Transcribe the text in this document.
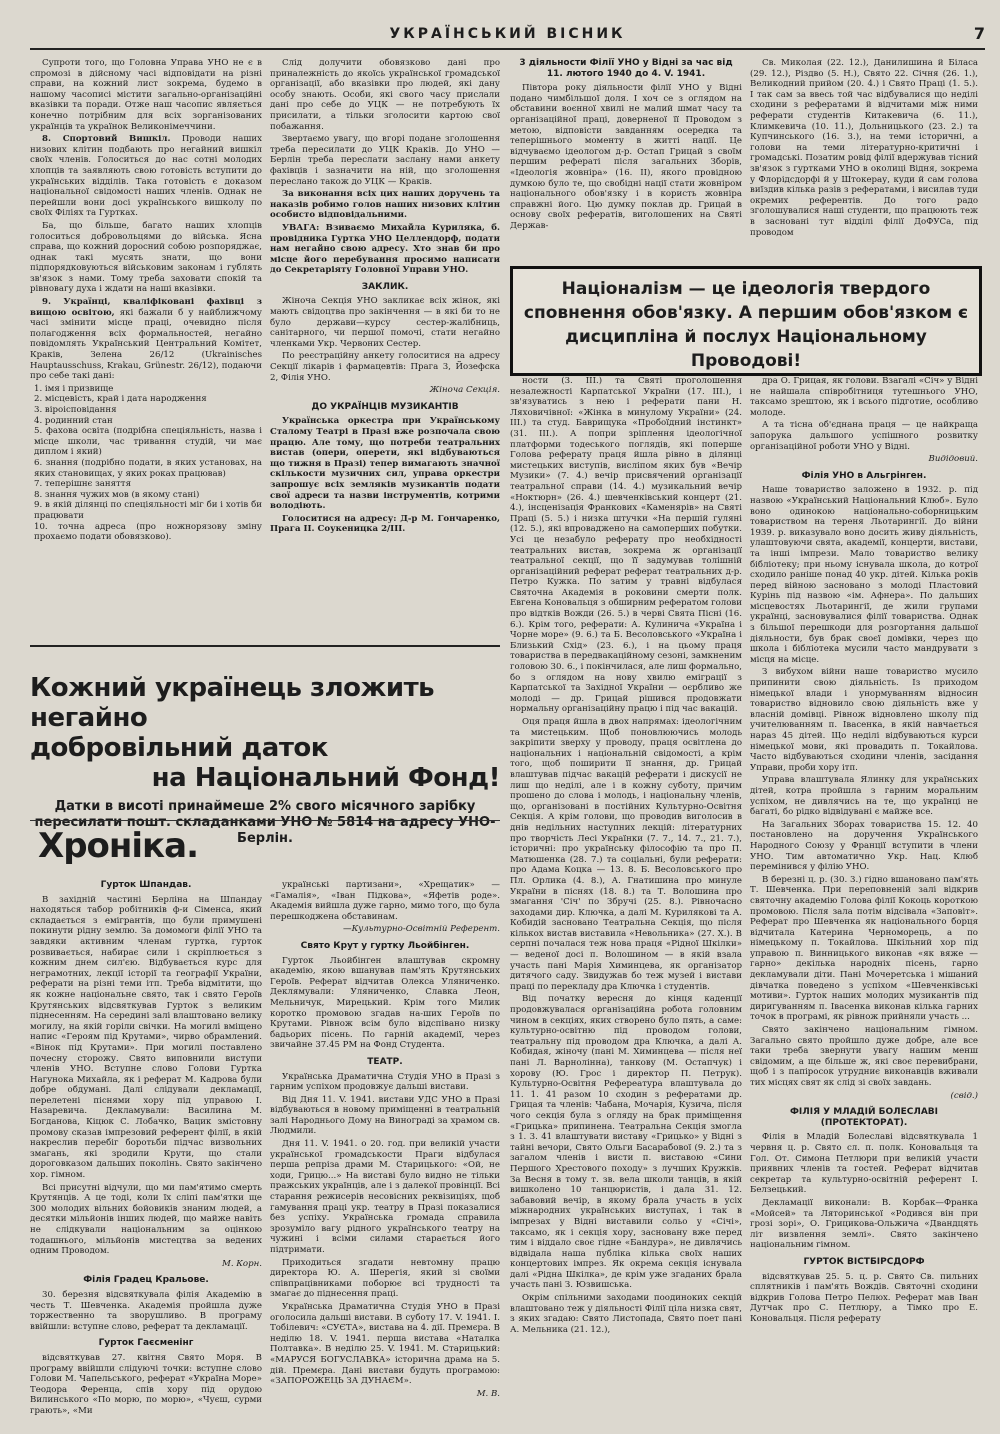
УКРАЇНСЬКИЙ ВІСНИК	7

Супроти того, що Головна Управа УНО не є в спромозі в дійсному часі відповідати на різні справи, на кожний лист зокрема, будемо в нашому часописі містити загально-організаційні вказівки та поради. Отже наш часопис являється конечно потрібним для всіх зорганізованих українців та українок Великонімеччини.

8. Спортовий Вишкіл. Проводи наших низових клітин подбають про негайний вишкіл своїх членів. Голоситься до нас сотні молодих хлопців та заявляють свою готовість вступити до українських відділів. Така готовість є доказом національної свідомості наших членів. Однак не перейшли вони досі українського вишколу по своїх Філіях та Гуртках.

Ба, що більше, багато наших хлопців голоситься добровольцями до війська. Ясна справа, що кожний доросний собою розпоряджає, однак такі мусять знати, що вони підпорядковуються військовим законам і гублять зв'язок з нами. Тому треба заховати спокій та рівновагу духа і ждати на наші вказівки.

9. Українці, кваліфіковані фахівці з вищою освітою, які бажали б у найближчому часі змінити місце праці, очевидно після полагодження всіх формальностей, негайно повідомлять Український Центральний Комітет, Краків, Зелена 26/12 (Ukrainisches Hauptausschuss, Krakau, Grünestr. 26/12), подаючи про себе такі дані:

1. імя і призвище
2. місцевість, край і дата народження
3. віроісповідання
4. родинний стан
5. фахова освіта (подрібна спеціяльність, назва і місце школи, час тривання студій, чи має диплом і який)
6. знання (подрібно подати, в яких установах, на яких становищах, у яких роках працював)
7. теперішнє заняття
8. знання чужих мов (в якому стані)
9. в якій ділянці по спеціяльності міг би і хотів би працювати
10. точна адреса (про ножнорязову зміну прохаємо подати обовязково).

Слід долучити обовязково дані про приналежність до якоїсь української громадської організації, або вказівки про людей, які дану особу знають. Особи, які свого часу прислали дані про себе до УЦК — не потребують їх присилати, а тільки зголосити картою свої побажання.

Звертаємо увагу, що вгорі подане зголошення треба пересилати до УЦК Краків. До УНО — Берлін треба переслати заслану нами анкету фахівців і зазначити на ній, що зголошення переслано також до УЦК — Краків.

За виконання всіх цих наших доручень та наказів робимо голов наших низових клітин особисто відповідальними.

УВАГА: Взиваємо Михайла Куриляка, б. провідника Гуртка УНО Целлендорф, подати нам негайно свою адресу. Хто знав би про місце його перебування просимо написати до Секретаріяту Головної Управи УНО.

ЗАКЛИК.

Жіноча Секція УНО закликає всіх жінок, які мають свідоцтва про закінчення — в які би то не було держави—курсу сестер-жалібниць, санітарного, чи першої помочі, стати негайно членками Укр. Червоних Сестер.

По реєстраційну анкету голоситися на адресу Секції лікарів і фармацевтів: Прага 3, Йозефска 2, Філія УНО.

Жіноча Секція.
ДО УКРАЇНЦІВ МУЗИКАНТІВ

Українська оркестра при Українському Сталому Театрі в Празі вже розпочала свою працю. Але тому, що потреби театральних вистав (опери, оперети, які відбуваються що тижня в Празі) тепер вимагають значної скількости музичних сил, управа оркестри запрошує всіх земляків музикантів подати свої адреси та назви інструментів, котрими володіють.

Голоситися на адресу: Д-р М. Гончаренко, Прага II. Соукеницка 2/III.

3 діяльности Філії УНО у Відні за час від 11. лютого 1940 до 4. V. 1941.

Півтора року діяльности філії УНО у Відні подано чимбільшої доля. І хоч се з оглядом на обставини воєнної хвилі не малий шмат часу та організаційної праці, доверненої її Проводом з метою, відповісти завданням осередка та теперішнього моменту в житті нації. Це відчуваємо ідеологом д-р. Остап Грицай з своїм першим рефераті після загальних Зборів, «Ідеологія жовніра» (16. II), якого провідною думкою було те, що свобідні нації стати жовніром національного обов'язку і в користь жовніра справжні його. Цю думку поклав др. Грицай в основу своїх рефератів, виголошених на Святі Держав-

Св. Миколая (22. 12.), Данилишина й Біласа (29. 12.), Різдво (5. Н.), Свято 22. Січня (26. 1.), Великодний прийом (20. 4.) і Свято Праці (1. 5.). І так сам за ввесь той час відбувалися що неділі сходини з рефератами й відчитами між ними реферати студентів Китакевича (6. 11.), Климкевича (10. 11.), Дольницького (23. 2.) та Купчинського (16. 3.), на теми історичні, а голови на теми літературно-критичні і громадські. Позатим ровід філії вдержував тісний зв'язок з гуртками УНО в околиці Відня, зокрема у Флорідсдорфі й у Штокерау, куди й сам голова виїздив кілька разів з рефератами, і висилав туди окремих референтів. До того радо зголошувалися наші студенти, що працюють теж в засновані тут відділі філії ДоФУСа, під проводом

Націоналізм — це ідеологія твердого сповнення обов'язку. А першим обов'язком є дисципліна й послух Національному Проводові!

ности (3. III.) та Святі проголошення незалежності Карпатської України (17. III.), і зв'язуватись з нею і реферати пани Н. Ляховичівної: «Жінка в минулому України» (24. III.) та студ. Баврищука «Пробоїдний інстинкт» (31. III.). А попри зріплення ідеологічної платформи тодеського поглядів, які поперше Голова реферату праця йшла рівно в ділянці мистецьких виступів, висліпом яких був «Вечір Музики» (7. 4.) вечір присвячений організації театральної справи (14. 4.) музикальний вечір «Ноктюрн» (26. 4.) шевченківський концерт (21. 4.), інсценізація Франкових «Каменярів» на Святі Праці (5. 5.) і низка штучки «На першій гуляні (12. 5.), які впроваджено на самоперших побутки. Усі це незабуло реферату про необхідності театральних вистав, зокрема ж організації театральної секції, що її задумував толішній організаційний реферат реферат театральних д-р. Петро Кужка. По затим у травні відбулася Святочна Академія в роковини смерти полк. Евгена Коновальця з обширним рефератом голови про відтків Вожди (26. 5.) в черві Свята Пісні (16. 6.). Крім того, реферати: А. Кулинича «Україна і Чорне море» (9. 6.) та Б. Весоловського «Україна і Близький Схід» (23. 6.), і на цьому праця товариства в передвакаційному сезоні, замкненим головою 30. 6., і покінчилася, але лиш формально, бо з оглядом на нову хвилю еміграції з Карпатської та Західної України — оєрбливо же молоді — др. Грицай рішився продовжати нормальну організаційну працю і під час вакацій.

Оця праця йшла в двох напрямах: ідеологічним та мистецьким. Щоб поновлюючись молодь закріпити зверху у проводу, праця освітлена до національних і національній свідомості, а крім того, щоб поширити її знання, др. Грицай влаштував підчас вакацій реферати і дискусії не лиш що неділі, але і в кожну суботу, причим прошено до слова і молодь, і національну членів, що, організовані в постійних Культурно-Освітня Секція. А крім голови, що проводив виголосив в днів недільних наступних лекцій: літературних про творчість Лесі Українки (7. 7., 14. 7., 21. 7.), історичні: про українську філософію та про П. Матюшенка (28. 7.) та соціальні, були реферати: про Адама Коцка — 13. 8. Б. Весоловського про Пл. Орлика (4. 8.), А. Гнатишина про минуле України в піснях (18. 8.) та Т. Волошина про змагання 'Січ' по Збручі (25. 8.). Рівночасно заходами дир. Ключка, а далі М. Курилякові та А. Кобидій засновано Театральна Секція, що після кількох вистав виставила «Невольника» (27. X.). В серпні почалася теж нова праця «Рідної Шкілки» — веденої досі п. Волошином — в якій взала участь пані Марія Химинцева, як організатор дитячого саду. Звидужав бо теж музей і вистави праці по перекладу дра Ключка і студентів.

Від початку вересня до кінця каденції продовжувалася організаційна робота головним чином в секціях, яких створено було пять, а саме: культурно-освітню під проводом голови, театральну під проводом дра Ключка, а далі А. Кобидая, жіночу (пані М. Химинцева — після неї пані Л. Варнолінна), танкову (М. Остапчук) і хорову (Ю. Грос і директор П. Петрук). Культурно-Освітня Рефереатура влаштувала до 11. 1. 41 разом 10 сходин з рефератами др. Грицая та членів: Чабана, Мочарія, Кузича, після чого секція була з огляду на брак приміщення «Грицька» припинена. Театральна Секція змогла з 1. 3. 41 влаштувати виставу «Грицько» у Відні з тайні вечори, Свято Ольги Басарабової (9. 2.) та з загалом членів і висти п. виставою «Сини Першого Хрестового походу» з лучших Кружків. За Весня в тому т. зв. вела школи танців, в якій вишколено 10 танцюристів, і дала 31. 12. забавовий вечір, в якому брала участь в усіх міжнародних українських виступах, і так в імпрезах у Відні виставили сольо у «Січі», таксамо, як і секція хору, засновану вже перед тим і віддало своє гідне «Бандура», не дивлячись відвідала наша публіка кілька своїх наших концертових імпрез. Як окрема секція існувала далі «Рідна Шкілка», де крім уже згаданих брала участь пані З. Юзвишська.

Окрім спільними заходами поодиноких секцій влаштовано теж у діяльності Філії ціла низка свят, з яких згадаю: Свято Листопада, Свято поет пані А. Мельника (21. 12.),

дра О. Грицая, як голови. Взагалі «Січ» у Відні не найшала співробітниця тутешнього УНО, таксамо зрештою, як і всього підготие, особливо молоде.

А та тісна об'єднана праця — це найкраща запорука дальшого успішного розвитку організаційної роботи УНО у Відні.

Видідовий.
Філія УНО в Альгрінген.

Наше товариство заложено в 1932. р. під назвою «Український Національний Клюб». Було воно одинокою національно-соборницьким товариством на тереня Льотарингії. До війни 1939. р. виказувало воно досить живу діяльність, улаштовуючи свята, академії, концерти, вистави, та інші імпрези. Мало товариство велику бібліотеку; при ньому існувала школа, до котрої сходило раніше понад 40 укр. дітей. Кількa років перед війною засновано з молоді Пластовий Курінь під назвою «ім. Афнера». По дальших місцевостях Льотарингії, де жили групами українці, засновувалися філії товариства. Однак з більшої перешкоди для розгортання дальшої діяльности, був брак своєї домівки, через що школа і бібліотека мусили часто мандрувати з місця на місце.

З вибухом війни наше товариство мусило припинити свою діяльність. Із приходом німецької влади і унормуванням відносин товариство відновило свою діяльність вже у власній домівці. Рівнож відновлено школу під учителюванням п. Івасенка, в якій навчається нараз 45 дітей. Що неділі відбуваються курси німецької мови, які провадить п. Токайлова. Часто відбуваються сходини членів, засідання Управи, проби хору ітп.

Управа влаштувала Ялинку для українських дітей, котра пройшла з гарним моральним успіхом, не дивлячись на те, що українці не багаті, бо рідко відвідувані є майже все.

На Загальних Зборах товариства 15. 12. 40 постановлено на доручення Українського Народного Союзу у Франції вступити в члени УНО. Тим автоматично Укр. Нац. Клюб перемінився у філію УНО.

В березні ц. р. (30. 3.) гідно вшановано пам'ять Т. Шевченка. При переповненій залі відкрив святочну академію Голова філії Кокоць короткою промовою. Після зала потім відсівала «Заповіт». Реферат про Шевченка як національного борця відчитала Катерина Черноморець, а по німецькому п. Токайлова. Шкільний хор під управою п. Винницького виконав «як вяже — гарно» декілька народніх пісень, гарно декламували діти. Пані Мочеретська і мішаний дівчатка поведено з успіхом «Шевченківські мотиви». Гурток наших молодих музикантів під диригуванням п. Івасенка виконав кілька гарних точок в програмі, як рівнож прийняли участь ...

Свято закінчено національним гімном. Загально свято пройшло дуже добре, але все таки треба звернути увагу нашим менш свідомим, а ще більше ж, які своє перевибрани, щоб і з папіросок утрудниє виконавців вживали тих місцях свят як слід зі своїх завдань.

(свід.)
ФІЛІЯ У МЛАДІЙ БОЛЕСЛАВІ (ПРОТЕКТОРАТ).

Філія в Младій Болеславі відсвяткувала 1 червня ц. р. Свято сл. п. полк. Коновальця та Гол. От. Симона Петлюри при великій участи приявних членів та гостей. Реферат відчитав секретар та культурно-освітній референт І. Белзецький.

Декламації виконали: В. Корбак—Франка «Мойсей» та Ляторинської «Родився він при грозі зорі», О. Грицикова-Ольжича «Двандцять літ визвлення землі». Свято закінчено національним гімном.

ГУРТОК ВІСТБІРСДОРФ

відсвяткував 25. 5. ц. р. Свято Св. пильних сплятників і пам'ять Вождів. Святочні сходини відкрив Голова Петро Пелюх. Реферат мав Іван Дутчак про С. Петлюру, а Тімко про Е. Коновальця. Після реферату

Кожний українець зложить негайно
добровільний даток
на Національний Фонд!
Датки в висоті принаймеше 2% свого місячного зарібку пересилати пошт. складанками УНО № 5814 на адресу УНО-Берлін.
Хроніка.
Гурток Шпандав.

В західній частині Берліна на Шпандау находяться табор робітників ф-и Сіменса, який складається з емігрантів, що були примушені покинути рідну землю. За домомоги філії УНО та завдяки активним членам гуртка, гурток розвивається, набирає сили і скріплюється з кожним днем сил'єю. Відбувається курс для неграмотних, лекції історії та географії України, реферати на різні теми ітп. Треба відмітити, що як кожне національне свято, так і свято Героїв Крутянських відсвяткував Гурток з великим піднесенням. На середині залі влаштовано велику могилу, на якій горіли свічки. На могилі вміщено напис «Героям під Крутами», чирво обрамлений. «Вінок під Крутами». При могилі поставлено почесну сторожу. Свято виповнили виступи членів УНО. Вступне слово Голови Гуртка Нагунока Михайла, як і реферат М. Кадрова були добре обдумані. Далі слідували декламації, перелетені піснями хору під управою І. Назаревича. Декламували: Василина М. Богданова, Кіцюк С. Лобачко, Вацик змістовну промову сказав імпрезовий референт філії, в якій накреслив перебіг боротьби підчас визвольних змагань, які зродили Крути, що стали дороговказом дальших поколінь. Свято закінчено хор. гімном.

Всі присутні відчули, що ми пам'ятимо смерть Крутянців. А це тоді, коли їх сліпі пам'ятки ще 300 молодих вільних бойовиків знаним людей, а десятки мільйонів інших людей, що майже навіть не слідкували національним за оцінкою тодашнього, мільйонів мистецтва за ведених одним Проводом.

М. Корн.
Філія Градец Кральове.

30. березня відсвяткувала філія Академію в честь Т. Шевченка. Академія пройшла дуже торжественно та зворушливо. В програму ввійшли: вступне слово, реферат та декламації.

Гурток Гаєсменінг

відсвяткував 27. квітня Свято Моря. В програму ввійшли слідуючі точки: вступне слово Голови М. Чапельського, реферат «Україна Море» Теодора Ференца, спів хору під орудою Вилинського «По морю, по морю», «Чуєш, сурми грають», «Ми

українські партизани», «Хрещатик» — «Гамалія», «Іван Підкова», «Яфетів роде». Академія вийшла дуже гарно, мимо того, що була перешкоджена обставинам.

—Культурно-Освітній Референт.
Свято Крут у гуртку Льойбінген.

Гурток Льойбінген влаштував скромну академію, якою вшанував пам'ять Крутянських Героїв. Реферат відчитав Олекса Уляниченко. Деклямували: Уляниченко, Славка Леон, Мельничук, Мирецький. Крім того Милик коротко промовою згадав на-ших Героїв по Крутами. Рівнож всім було відспівано низку бадьорих пісень. По гарній академії, через звичайне 37.45 РМ на Фонд Студента.

ТЕАТР.

Українська Драматична Студія УНО в Празі з гарним успіхом продовжує дальші вистави.

Від Дня 11. V. 1941. вистави УДС УНО в Празі відбуваються в новому приміщенні в театральній залі Народнього Дому на Винограді за храмом св. Людмили.

Дня 11. V. 1941. о 20. год. при великій участи української громадськости Праги відбулася перша репріза драми М. Старицького: «Ой, не ходи, Грицю...» На виставі було видно не тільки пражських українців, але і з далекої провінції. Всі старання режисерів несовісних реквізиціях, щоб гамування праці укр. театру в Празі показалися без успіху. Українська громада справила зрозуміло вагу рідного українського театру на чужині і всіми силами старається його підтримати.

Приходиться згадати невтомну працю директора Ю. А. Шерегія, який зі своїми співпрацівниками поборює всі трудності та змагає до піднесення праці.

Українська Драматична Студія УНО в Празі оголосила дальші вистави. В суботу 17. V. 1941. І. Тобілевич: «СУЄТА», вистава на 4. дії. Премєра. В неділю 18. V. 1941. перша вистава «Наталка Полтавка». В неділю 25. V. 1941. М. Старицький: «МАРУСЯ БОГУСЛАВКА» історична драма на 5. дій. Премєра. Дані вистави будуть програмою: «ЗАПОРОЖЕЦЬ ЗА ДУНАЄМ».

М. В.
